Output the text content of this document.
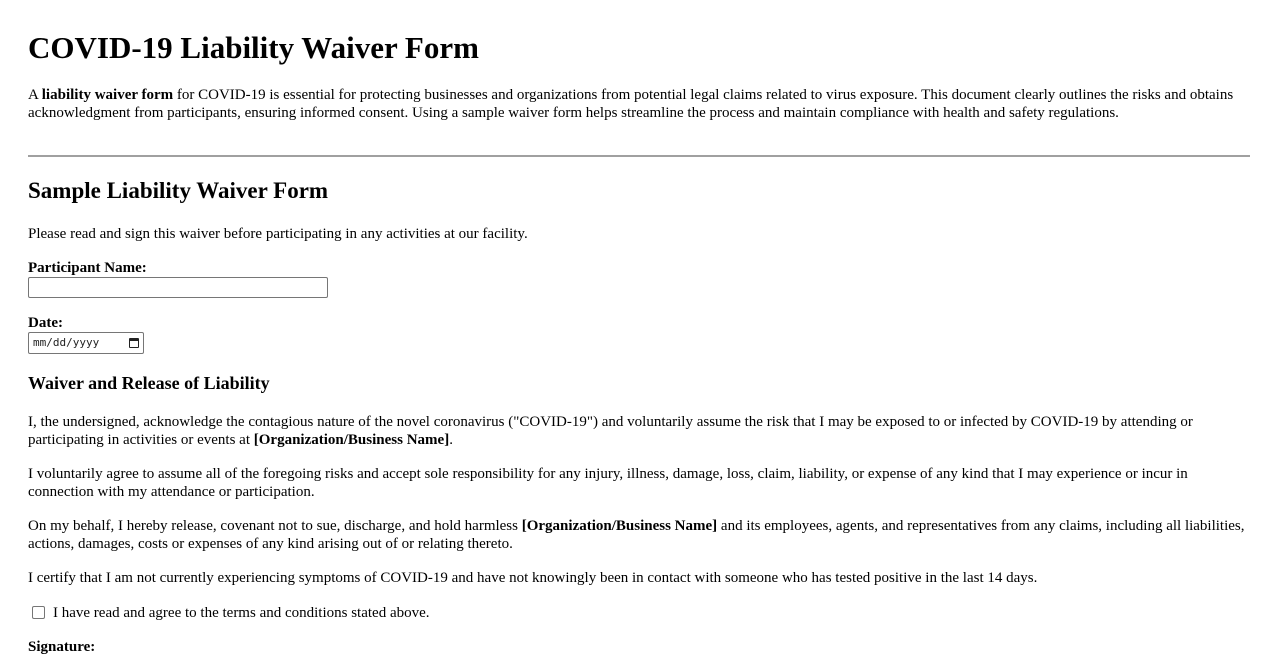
COVID-19 Liability Waiver Form

A liability waiver form for COVID-19 is essential for protecting businesses and organizations from potential legal claims related to virus exposure. This document clearly outlines the risks and obtains acknowledgment from participants, ensuring informed consent. Using a sample waiver form helps streamline the process and maintain compliance with health and safety regulations.

Sample Liability Waiver Form

Please read and sign this waiver before participating in any activities at our facility.

Participant Name:
Date:
mm/dd/yyyy
Waiver and Release of Liability

I, the undersigned, acknowledge the contagious nature of the novel coronavirus ("COVID-19") and voluntarily assume the risk that I may be exposed to or infected by COVID-19 by attending or participating in activities or events at [Organization/Business Name].

I voluntarily agree to assume all of the foregoing risks and accept sole responsibility for any injury, illness, damage, loss, claim, liability, or expense of any kind that I may experience or incur in connection with my attendance or participation.

On my behalf, I hereby release, covenant not to sue, discharge, and hold harmless [Organization/Business Name] and its employees, agents, and representatives from any claims, including all liabilities, actions, damages, costs or expenses of any kind arising out of or relating thereto.

I certify that I am not currently experiencing symptoms of COVID-19 and have not knowingly been in contact with someone who has tested positive in the last 14 days.

I have read and agree to the terms and conditions stated above.
Signature:
